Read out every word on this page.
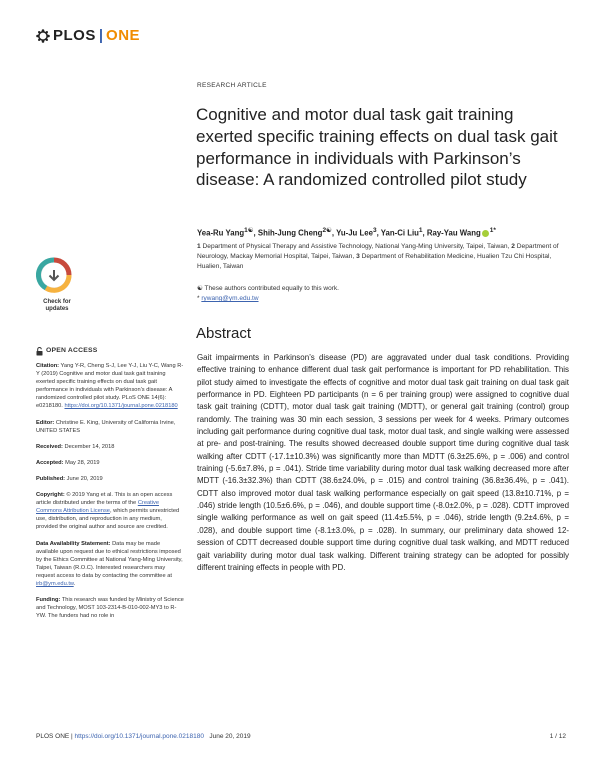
PLOS | ONE
RESEARCH ARTICLE
Cognitive and motor dual task gait training exerted specific training effects on dual task gait performance in individuals with Parkinson’s disease: A randomized controlled pilot study
Yea-Ru Yang$^{1☯}$, Shih-Jung Cheng$^{2☯}$, Yu-Ju Lee$^3$, Yan-Ci Liu$^1$, Ray-Yau Wang $^{1*}$
1 Department of Physical Therapy and Assistive Technology, National Yang-Ming University, Taipei, Taiwan, 2 Department of Neurology, Mackay Memorial Hospital, Taipei, Taiwan, 3 Department of Rehabilitation Medicine, Hualien Tzu Chi Hospital, Hualien, Taiwan
☯ These authors contributed equally to this work.
* rywang@ym.edu.tw
Check for
updates
OPEN ACCESS

Citation: Yang Y-R, Cheng S-J, Lee Y-J, Liu Y-C, Wang R-Y (2019) Cognitive and motor dual task gait training exerted specific training effects on dual task gait performance in individuals with Parkinson’s disease: A randomized controlled pilot study. PLoS ONE 14(6): e0218180. https://doi.org/10.1371/journal.pone.0218180

Editor: Christine E. King, University of California Irvine, UNITED STATES

Received: December 14, 2018

Accepted: May 28, 2019

Published: June 20, 2019

Copyright: © 2019 Yang et al. This is an open access article distributed under the terms of the Creative Commons Attribution License, which permits unrestricted use, distribution, and reproduction in any medium, provided the original author and source are credited.

Data Availability Statement: Data may be made available upon request due to ethical restrictions imposed by the Ethics Committee at National Yang-Ming University, Taipei, Taiwan (R.O.C). Interested researchers may request access to data by contacting the committee at irb@ym.edu.tw.

Funding: This research was funded by Ministry of Science and Technology, MOST 103-2314-B-010-002-MY3 to R-YW. The funders had no role in

Abstract

Gait impairments in Parkinson’s disease (PD) are aggravated under dual task conditions. Providing effective training to enhance different dual task gait performance is important for PD rehabilitation. This pilot study aimed to investigate the effects of cognitive and motor dual task gait training on dual task gait performance in PD. Eighteen PD participants (n = 6 per training group) were assigned to cognitive dual task gait training (CDTT), motor dual task gait training (MDTT), or general gait training (control) group randomly. The training was 30 min each session, 3 sessions per week for 4 weeks. Primary outcomes including gait performance during cognitive dual task, motor dual task, and single walking were assessed at pre- and post-training. The results showed decreased double support time during cognitive dual task walking after CDTT (-17.1±10.3%) was significantly more than MDTT (6.3±25.6%, p = .006) and control training (-5.6±7.8%, p = .041). Stride time variability during motor dual task walking decreased more after MDTT (-16.3±32.3%) than CDTT (38.6±24.0%, p = .015) and control training (36.8±36.4%, p = .041). CDTT also improved motor dual task walking performance especially on gait speed (13.8±10.71%, p = .046) stride length (10.5±6.6%, p = .046), and double support time (-8.0±2.0%, p = .028). CDTT improved single walking performance as well on gait speed (11.4±5.5%, p = .046), stride length (9.2±4.6%, p = .028), and double support time (-8.1±3.0%, p = .028). In summary, our preliminary data showed 12-session of CDTT decreased double support time during cognitive dual task walking, and MDTT reduced gait variability during motor dual task walking. Different training strategy can be adopted for possibly different training effects in people with PD.

PLOS ONE | https://doi.org/10.1371/journal.pone.0218180 June 20, 2019	1 / 12
